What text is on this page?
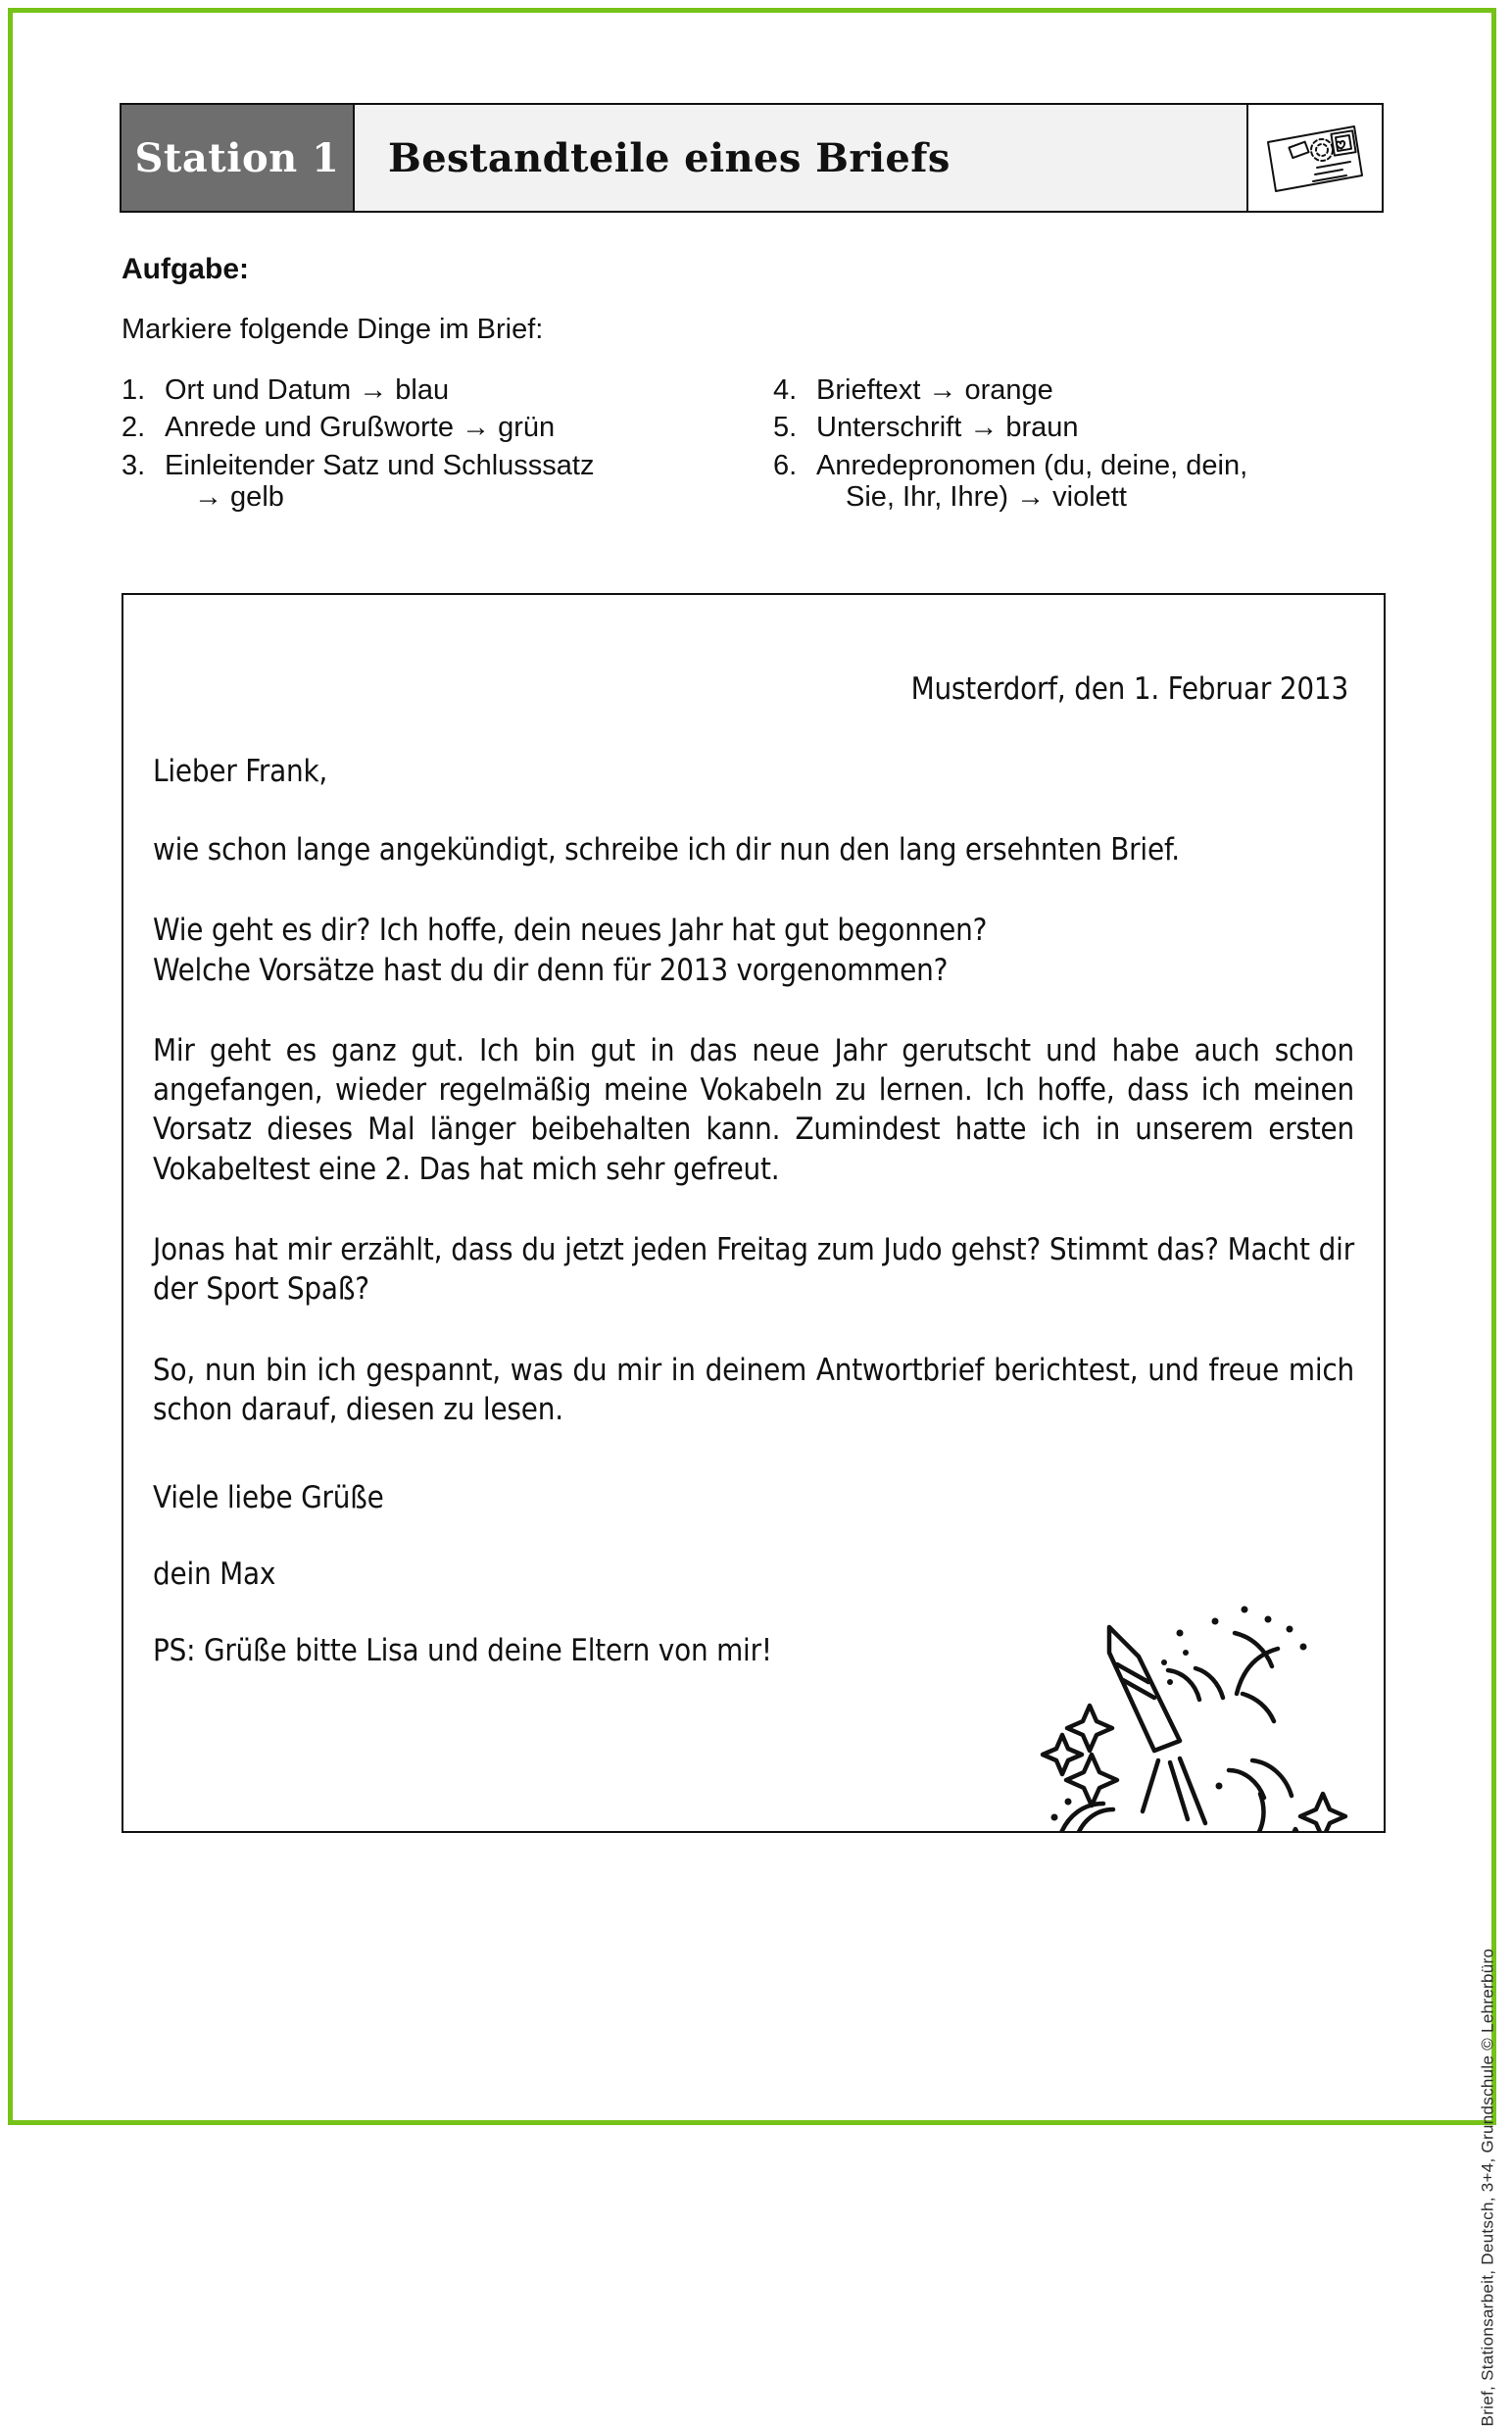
Station 1 Bestandteile eines Briefs
Aufgabe:
Markiere folgende Dinge im Brief:
1. Ort und Datum → blau
2. Anrede und Grußworte → grün
3. Einleitender Satz und Schlusssatz
→ gelb
4. Brieftext → orange
5. Unterschrift → braun
6. Anredepronomen (du, deine, dein,
Sie, Ihr, Ihre) → violett
Musterdorf, den 1. Februar 2013
Lieber Frank,
wie schon lange angekündigt, schreibe ich dir nun den lang ersehnten Brief.
Wie geht es dir? Ich hoffe, dein neues Jahr hat gut begonnen?
Welche Vorsätze hast du dir denn für 2013 vorgenommen?
Mir geht es ganz gut. Ich bin gut in das neue Jahr gerutscht und habe auch schon angefangen, wieder regelmäßig meine Vokabeln zu lernen. Ich hoffe, dass ich meinen Vorsatz dieses Mal länger beibehalten kann. Zumindest hatte ich in unserem ersten Vokabeltest eine 2. Das hat mich sehr gefreut.
Jonas hat mir erzählt, dass du jetzt jeden Freitag zum Judo gehst? Stimmt das? Macht dir der Sport Spaß?
So, nun bin ich gespannt, was du mir in deinem Antwortbrief berichtest, und freue mich schon darauf, diesen zu lesen.
Viele liebe Grüße
dein Max
PS: Grüße bitte Lisa und deine Eltern von mir!
Brief, Stationsarbeit, Deutsch, 3+4, Grundschule © Lehrerbüro
